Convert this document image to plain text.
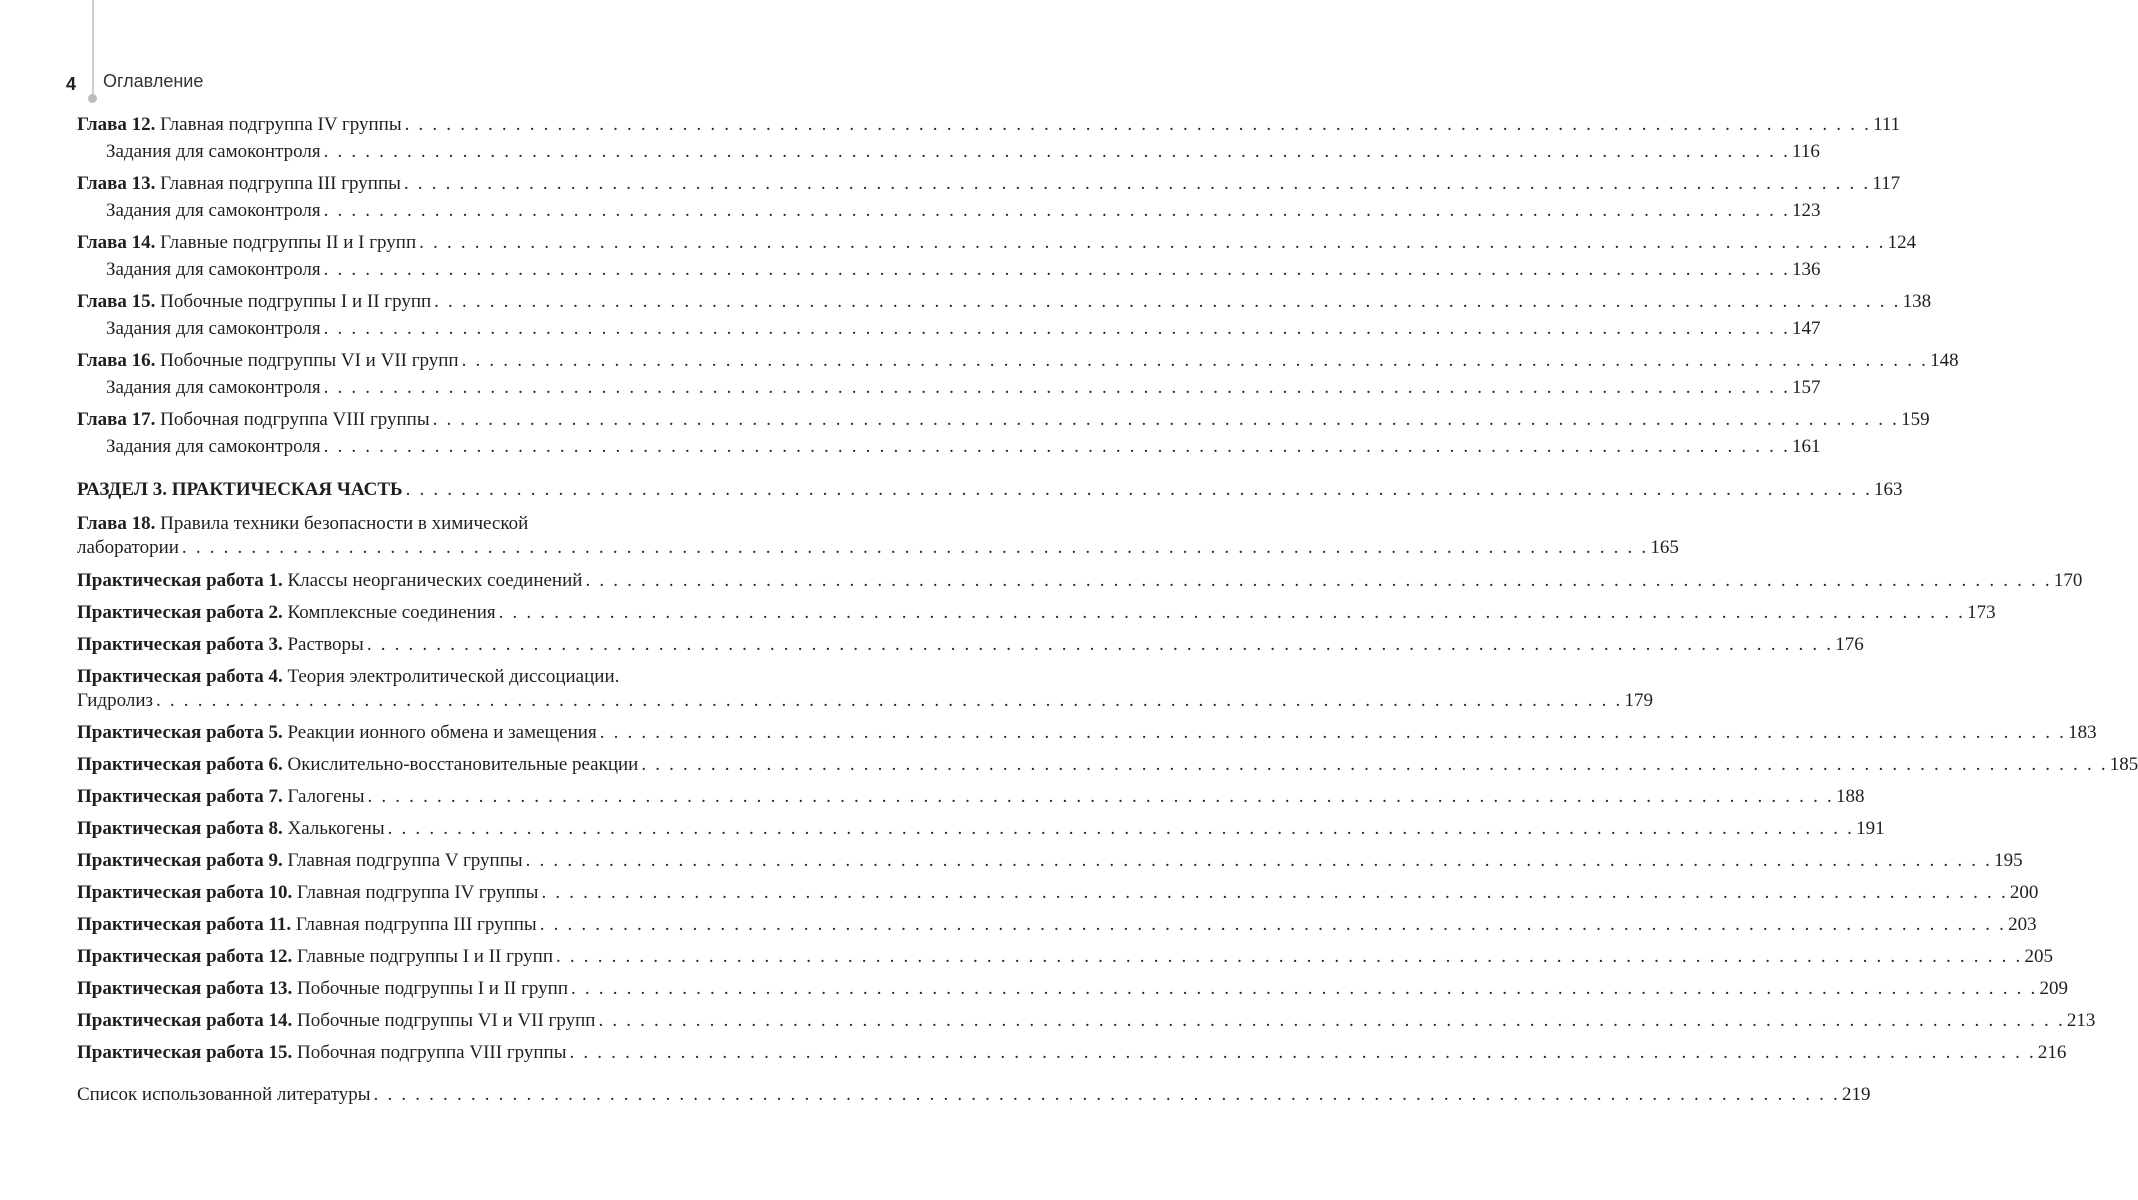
4 Оглавление
Глава 12. Главная подгруппа IV группы . . . . . . . . . . . . . . . . . . . . . . . . . . . . . . . . . . . . . . . . . . . . . . . . . . . . . . . . . . . . . . . . . . . . . . . . . . . . . . . . . . . . . . . . . . . . . . . . . . . . . . . . . . 111
Задания для самоконтроля . . . . . . . . . . . . . . . . . . . . . . . . . . . . . . . . . . . . . . . . . . . . . . . . . . . . . . . . . . . . . . . . . . . . . . . . . . . . . . . . . . . . . . . . . . . . . . . . . . . . . . . . . . 116
Глава 13. Главная подгруппа III группы . . . . . . . . . . . . . . . . . . . . . . . . . . . . . . . . . . . . . . . . . . . . . . . . . . . . . . . . . . . . . . . . . . . . . . . . . . . . . . . . . . . . . . . . . . . . . . . . . . . . . . . . . . 117
Задания для самоконтроля . . . . . . . . . . . . . . . . . . . . . . . . . . . . . . . . . . . . . . . . . . . . . . . . . . . . . . . . . . . . . . . . . . . . . . . . . . . . . . . . . . . . . . . . . . . . . . . . . . . . . . . . . . 123
Глава 14. Главные подгруппы II и I групп . . . . . . . . . . . . . . . . . . . . . . . . . . . . . . . . . . . . . . . . . . . . . . . . . . . . . . . . . . . . . . . . . . . . . . . . . . . . . . . . . . . . . . . . . . . . . . . . . . . . . . . . . . 124
Задания для самоконтроля . . . . . . . . . . . . . . . . . . . . . . . . . . . . . . . . . . . . . . . . . . . . . . . . . . . . . . . . . . . . . . . . . . . . . . . . . . . . . . . . . . . . . . . . . . . . . . . . . . . . . . . . . . 136
Глава 15. Побочные подгруппы I и II групп . . . . . . . . . . . . . . . . . . . . . . . . . . . . . . . . . . . . . . . . . . . . . . . . . . . . . . . . . . . . . . . . . . . . . . . . . . . . . . . . . . . . . . . . . . . . . . . . . . . . . . . . . . 138
Задания для самоконтроля . . . . . . . . . . . . . . . . . . . . . . . . . . . . . . . . . . . . . . . . . . . . . . . . . . . . . . . . . . . . . . . . . . . . . . . . . . . . . . . . . . . . . . . . . . . . . . . . . . . . . . . . . . 147
Глава 16. Побочные подгруппы VI и VII групп . . . . . . . . . . . . . . . . . . . . . . . . . . . . . . . . . . . . . . . . . . . . . . . . . . . . . . . . . . . . . . . . . . . . . . . . . . . . . . . . . . . . . . . . . . . . . . . . . . . . . . . . . . 148
Задания для самоконтроля . . . . . . . . . . . . . . . . . . . . . . . . . . . . . . . . . . . . . . . . . . . . . . . . . . . . . . . . . . . . . . . . . . . . . . . . . . . . . . . . . . . . . . . . . . . . . . . . . . . . . . . . . . 157
Глава 17. Побочная подгруппа VIII группы . . . . . . . . . . . . . . . . . . . . . . . . . . . . . . . . . . . . . . . . . . . . . . . . . . . . . . . . . . . . . . . . . . . . . . . . . . . . . . . . . . . . . . . . . . . . . . . . . . . . . . . . . . 159
Задания для самоконтроля . . . . . . . . . . . . . . . . . . . . . . . . . . . . . . . . . . . . . . . . . . . . . . . . . . . . . . . . . . . . . . . . . . . . . . . . . . . . . . . . . . . . . . . . . . . . . . . . . . . . . . . . . . 161
РАЗДЕЛ 3. ПРАКТИЧЕСКАЯ ЧАСТЬ . . . . . . . . . . . . . . . . . . . . . . . . . . . . . . . . . . . . . . . . . . . . . . . . . . . . . . . . . . . . . . . . . . . . . . . . . . . . . . . . . . . . . . . . . . . . . . . . . . . . . . . . . . 163
Глава 18. Правила техники безопасности в химической
лаборатории . . . . . . . . . . . . . . . . . . . . . . . . . . . . . . . . . . . . . . . . . . . . . . . . . . . . . . . . . . . . . . . . . . . . . . . . . . . . . . . . . . . . . . . . . . . . . . . . . . . . . . . . . . 165
Практическая работа 1. Классы неорганических соединений . . . . . . . . . . . . . . . . . . . . . . . . . . . . . . . . . . . . . . . . . . . . . . . . . . . . . . . . . . . . . . . . . . . . . . . . . . . . . . . . . . . . . . . . . . . . . . . . . . . . . . . . . . 170
Практическая работа 2. Комплексные соединения . . . . . . . . . . . . . . . . . . . . . . . . . . . . . . . . . . . . . . . . . . . . . . . . . . . . . . . . . . . . . . . . . . . . . . . . . . . . . . . . . . . . . . . . . . . . . . . . . . . . . . . . . . 173
Практическая работа 3. Растворы . . . . . . . . . . . . . . . . . . . . . . . . . . . . . . . . . . . . . . . . . . . . . . . . . . . . . . . . . . . . . . . . . . . . . . . . . . . . . . . . . . . . . . . . . . . . . . . . . . . . . . . . . . 176
Практическая работа 4. Теория электролитической диссоциации.
Гидролиз . . . . . . . . . . . . . . . . . . . . . . . . . . . . . . . . . . . . . . . . . . . . . . . . . . . . . . . . . . . . . . . . . . . . . . . . . . . . . . . . . . . . . . . . . . . . . . . . . . . . . . . . . . 179
Практическая работа 5. Реакции ионного обмена и замещения . . . . . . . . . . . . . . . . . . . . . . . . . . . . . . . . . . . . . . . . . . . . . . . . . . . . . . . . . . . . . . . . . . . . . . . . . . . . . . . . . . . . . . . . . . . . . . . . . . . . . . . . . . 183
Практическая работа 6. Окислительно-восстановительные реакции . . . . . . . . . . . . . . . . . . . . . . . . . . . . . . . . . . . . . . . . . . . . . . . . . . . . . . . . . . . . . . . . . . . . . . . . . . . . . . . . . . . . . . . . . . . . . . . . . . . . . . . . . . 185
Практическая работа 7. Галогены . . . . . . . . . . . . . . . . . . . . . . . . . . . . . . . . . . . . . . . . . . . . . . . . . . . . . . . . . . . . . . . . . . . . . . . . . . . . . . . . . . . . . . . . . . . . . . . . . . . . . . . . . . 188
Практическая работа 8. Халькогены . . . . . . . . . . . . . . . . . . . . . . . . . . . . . . . . . . . . . . . . . . . . . . . . . . . . . . . . . . . . . . . . . . . . . . . . . . . . . . . . . . . . . . . . . . . . . . . . . . . . . . . . . . 191
Практическая работа 9. Главная подгруппа V группы . . . . . . . . . . . . . . . . . . . . . . . . . . . . . . . . . . . . . . . . . . . . . . . . . . . . . . . . . . . . . . . . . . . . . . . . . . . . . . . . . . . . . . . . . . . . . . . . . . . . . . . . . . 195
Практическая работа 10. Главная подгруппа IV группы . . . . . . . . . . . . . . . . . . . . . . . . . . . . . . . . . . . . . . . . . . . . . . . . . . . . . . . . . . . . . . . . . . . . . . . . . . . . . . . . . . . . . . . . . . . . . . . . . . . . . . . . . . 200
Практическая работа 11. Главная подгруппа III группы . . . . . . . . . . . . . . . . . . . . . . . . . . . . . . . . . . . . . . . . . . . . . . . . . . . . . . . . . . . . . . . . . . . . . . . . . . . . . . . . . . . . . . . . . . . . . . . . . . . . . . . . . . 203
Практическая работа 12. Главные подгруппы I и II групп . . . . . . . . . . . . . . . . . . . . . . . . . . . . . . . . . . . . . . . . . . . . . . . . . . . . . . . . . . . . . . . . . . . . . . . . . . . . . . . . . . . . . . . . . . . . . . . . . . . . . . . . . . 205
Практическая работа 13. Побочные подгруппы I и II групп . . . . . . . . . . . . . . . . . . . . . . . . . . . . . . . . . . . . . . . . . . . . . . . . . . . . . . . . . . . . . . . . . . . . . . . . . . . . . . . . . . . . . . . . . . . . . . . . . . . . . . . . . . 209
Практическая работа 14. Побочные подгруппы VI и VII групп . . . . . . . . . . . . . . . . . . . . . . . . . . . . . . . . . . . . . . . . . . . . . . . . . . . . . . . . . . . . . . . . . . . . . . . . . . . . . . . . . . . . . . . . . . . . . . . . . . . . . . . . . . 213
Практическая работа 15. Побочная подгруппа VIII группы . . . . . . . . . . . . . . . . . . . . . . . . . . . . . . . . . . . . . . . . . . . . . . . . . . . . . . . . . . . . . . . . . . . . . . . . . . . . . . . . . . . . . . . . . . . . . . . . . . . . . . . . . . 216
Список использованной литературы . . . . . . . . . . . . . . . . . . . . . . . . . . . . . . . . . . . . . . . . . . . . . . . . . . . . . . . . . . . . . . . . . . . . . . . . . . . . . . . . . . . . . . . . . . . . . . . . . . . . . . . . . . 219
